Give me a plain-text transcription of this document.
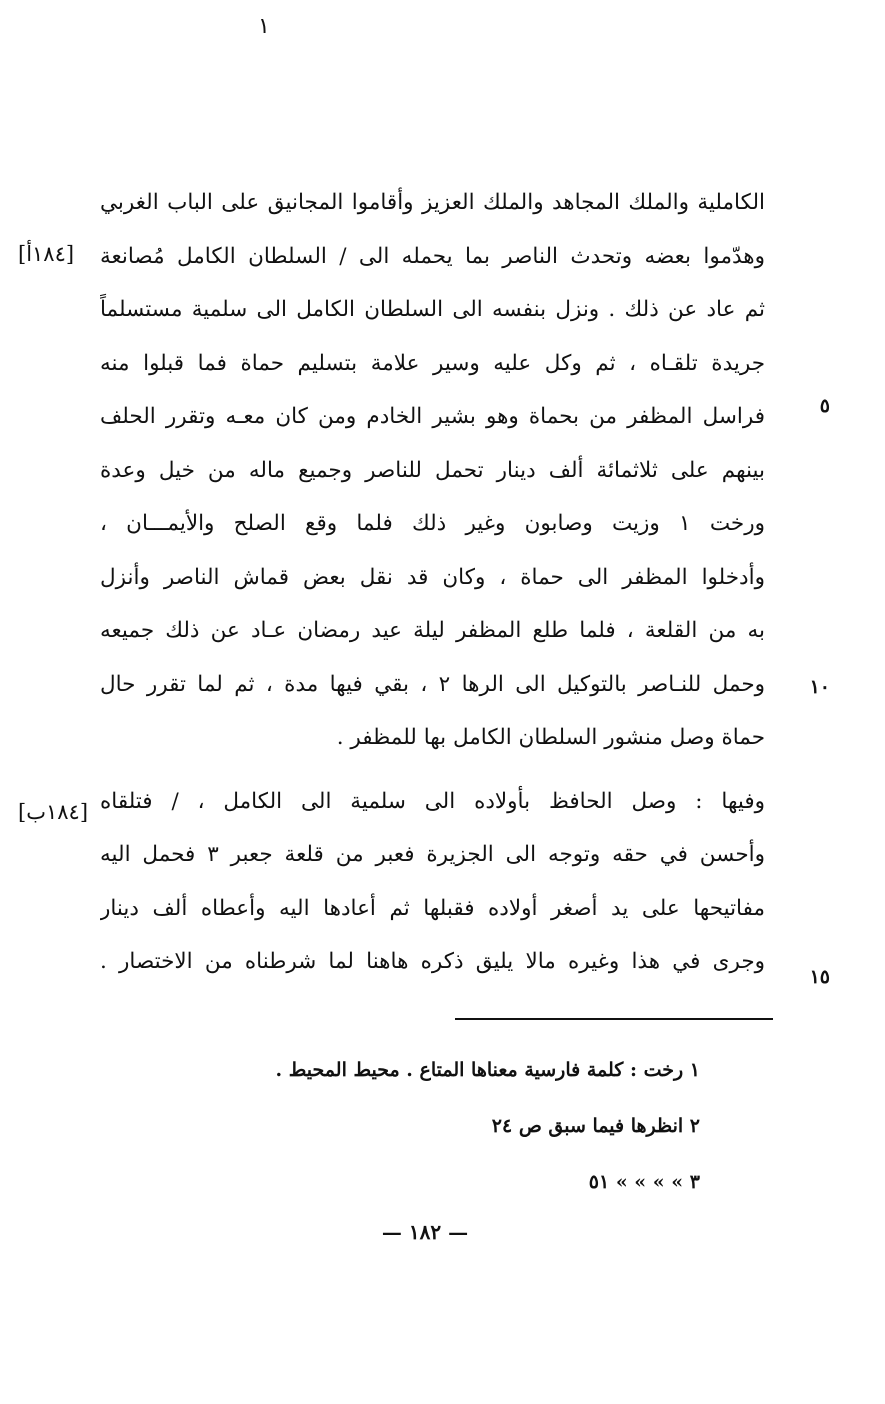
١
الكاملية والملك المجاهد والملك العزيز وأقاموا المجانيق على الباب الغربي
وهدّموا بعضه وتحدث الناصر بما يحمله الى / السلطان الكامل مُصانعة
ثم عاد عن ذلك . ونزل بنفسه الى السلطان الكامل الى سلمية مستسلماً
جريدة تلقـاه ، ثم وكل عليه وسير علامة بتسليم حماة فما قبلوا منه
فراسل المظفر من بحماة وهو بشير الخادم ومن كان معـه وتقرر الحلف
بينهم على ثلاثمائة ألف دينار تحمل للناصر وجميع ماله من خيل وعدة
ورخت ١ وزيت وصابون وغير ذلك فلما وقع الصلح والأيمـــان ،
وأدخلوا المظفر الى حماة ، وكان قد نقل بعض قماش الناصر وأنزل
به من القلعة ، فلما طلع المظفر ليلة عيد رمضان عـاد عن ذلك جميعه
وحمل للنـاصر بالتوكيل الى الرها ٢ ، بقي فيها مدة ، ثم لما تقرر حال
حماة وصل منشور السلطان الكامل بها للمظفر .
وفيها : وصل الحافظ بأولاده الى سلمية الى الكامل ، / فتلقاه
وأحسن في حقه وتوجه الى الجزيرة فعبر من قلعة جعبر ٣ فحمل اليه
مفاتيحها على يد أصغر أولاده فقبلها ثم أعادها اليه وأعطاه ألف دينار
وجرى في هذا وغيره مالا يليق ذكره هاهنا لما شرطناه من الاختصار .
٥
١٠
١٥
[١٨٤أ]
[١٨٤ب]
١ رخت : كلمة فارسية معناها المتاع . محيط المحيط .
٢ انظرها فيما سبق ص ٢٤
٣ » » » » ٥١
— ١٨٢ —
